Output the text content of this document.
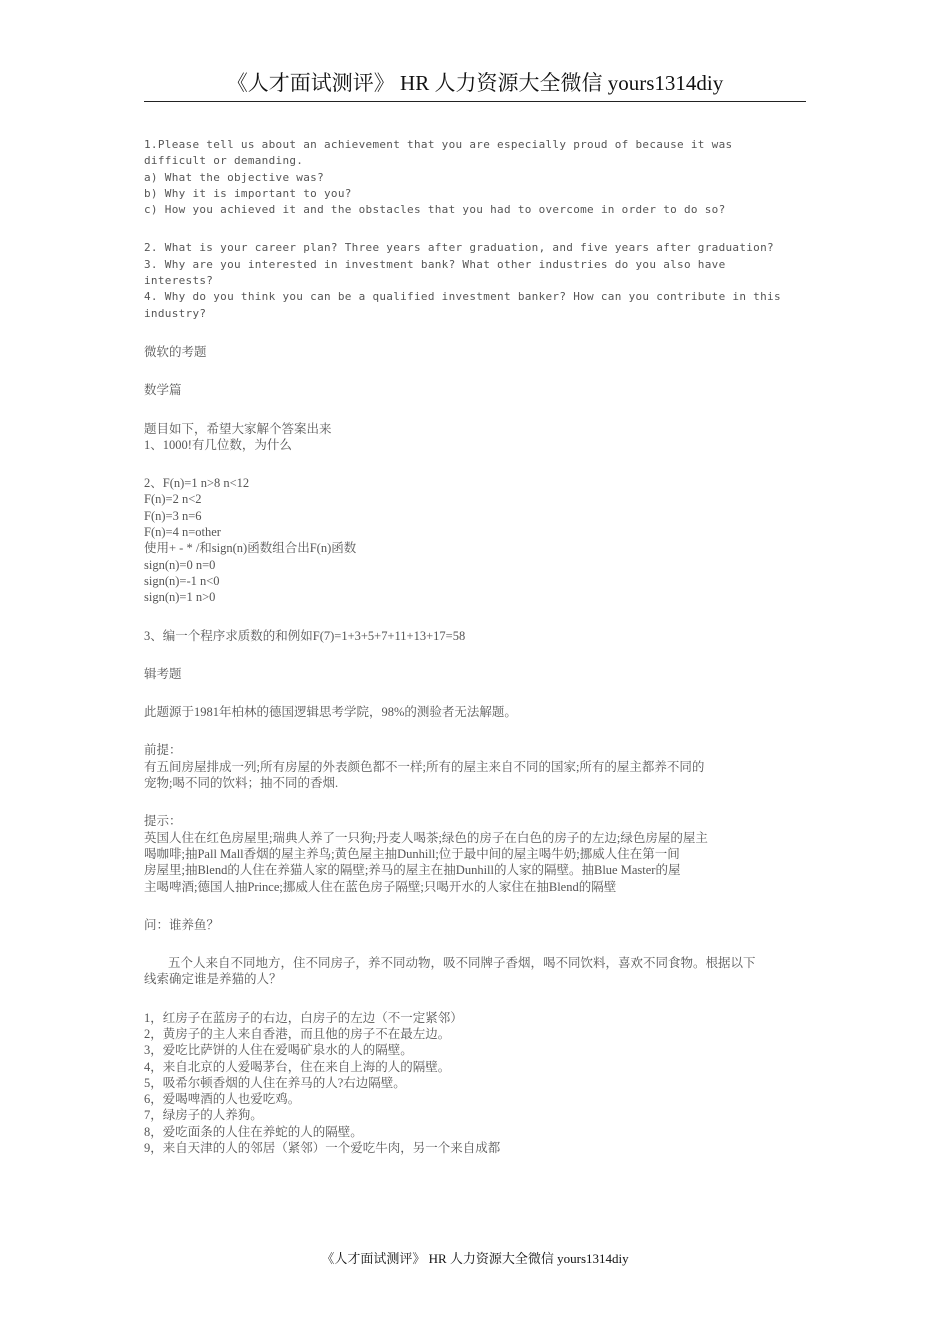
《人才面试测评》 HR 人力资源大全微信 yours1314diy
1.Please tell us about an achievement that you are especially proud of because it was
difficult or demanding.
a) What the objective was?
b) Why it is important to you?
c) How you achieved it and the obstacles that you had to overcome in order to do so?
2. What is your career plan? Three years after graduation, and five years after graduation?
3. Why are you interested in investment bank? What other industries do you also have
interests?
4. Why do you think you can be a qualified investment banker? How can you contribute in this
industry?
微软的考题
数学篇
题目如下，希望大家解个答案出来
1、1000!有几位数，为什么
2、F(n)=1 n>8 n<12
F(n)=2 n<2
F(n)=3 n=6
F(n)=4 n=other
使用+ - * /和sign(n)函数组合出F(n)函数
sign(n)=0 n=0
sign(n)=-1 n<0
sign(n)=1 n>0
3、编一个程序求质数的和例如F(7)=1+3+5+7+11+13+17=58
辑考题
此题源于1981年柏林的德国逻辑思考学院，98%的测验者无法解题。
前提：
有五间房屋排成一列;所有房屋的外表颜色都不一样;所有的屋主来自不同的国家;所有的屋主都养不同的
宠物;喝不同的饮料；抽不同的香烟.
提示：
英国人住在红色房屋里;瑞典人养了一只狗;丹麦人喝茶;绿色的房子在白色的房子的左边;绿色房屋的屋主
喝咖啡;抽Pall Mall香烟的屋主养鸟;黄色屋主抽Dunhill;位于最中间的屋主喝牛奶;挪威人住在第一间
房屋里;抽Blend的人住在养猫人家的隔壁;养马的屋主在抽Dunhill的人家的隔壁。抽Blue Master的屋
主喝啤酒;德国人抽Prince;挪威人住在蓝色房子隔壁;只喝开水的人家住在抽Blend的隔壁
问：谁养鱼？
五个人来自不同地方，住不同房子，养不同动物，吸不同牌子香烟，喝不同饮料，喜欢不同食物。根据以下
线索确定谁是养猫的人？
1，红房子在蓝房子的右边，白房子的左边（不一定紧邻）
2，黄房子的主人来自香港，而且他的房子不在最左边。
3，爱吃比萨饼的人住在爱喝矿泉水的人的隔壁。
4，来自北京的人爱喝茅台，住在来自上海的人的隔壁。
5，吸希尔顿香烟的人住在养马的人?右边隔壁。
6，爱喝啤酒的人也爱吃鸡。
7，绿房子的人养狗。
8，爱吃面条的人住在养蛇的人的隔壁。
9，来自天津的人的邻居（紧邻）一个爱吃牛肉，另一个来自成都
《人才面试测评》 HR 人力资源大全微信 yours1314diy
